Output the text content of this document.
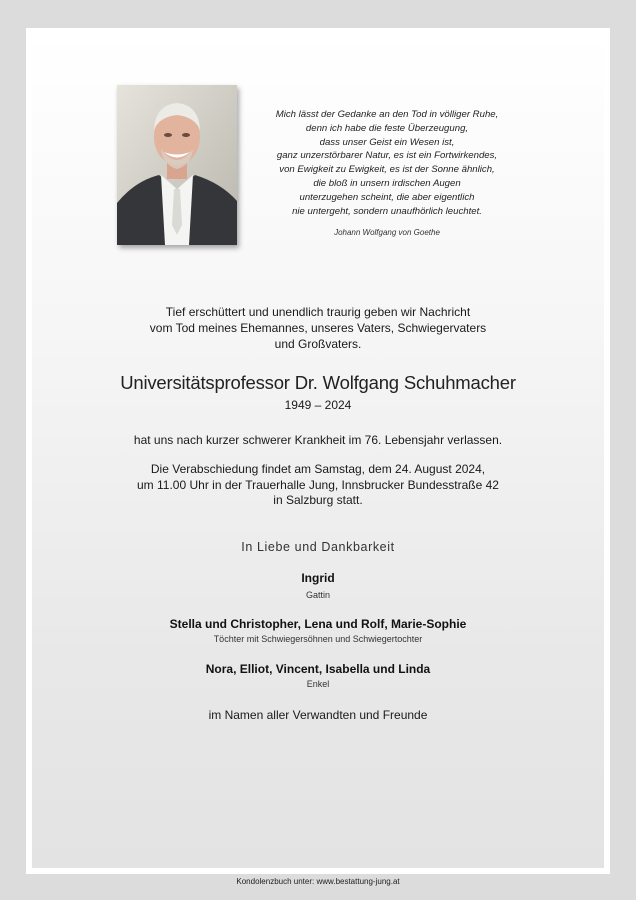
Mich lässt der Gedanke an den Tod in völliger Ruhe,
denn ich habe die feste Überzeugung,
dass unser Geist ein Wesen ist,
ganz unzerstörbarer Natur, es ist ein Fortwirkendes,
von Ewigkeit zu Ewigkeit, es ist der Sonne ähnlich,
die bloß in unsern irdischen Augen
unterzugehen scheint, die aber eigentlich
nie untergeht, sondern unaufhörlich leuchtet.
Johann Wolfgang von Goethe
Tief erschüttert und unendlich traurig geben wir Nachricht
vom Tod meines Ehemannes, unseres Vaters, Schwiegervaters
und Großvaters.
Universitätsprofessor Dr. Wolfgang Schuhmacher
1949 – 2024
hat uns nach kurzer schwerer Krankheit im 76. Lebensjahr verlassen.
Die Verabschiedung findet am Samstag, dem 24. August 2024,
um 11.00 Uhr in der Trauerhalle Jung, Innsbrucker Bundesstraße 42
in Salzburg statt.
In Liebe und Dankbarkeit
Ingrid
Gattin
Stella und Christopher, Lena und Rolf, Marie-Sophie
Töchter mit Schwiegersöhnen und Schwiegertochter
Nora, Elliot, Vincent, Isabella und Linda
Enkel
im Namen aller Verwandten und Freunde
Kondolenzbuch unter: www.bestattung-jung.at
